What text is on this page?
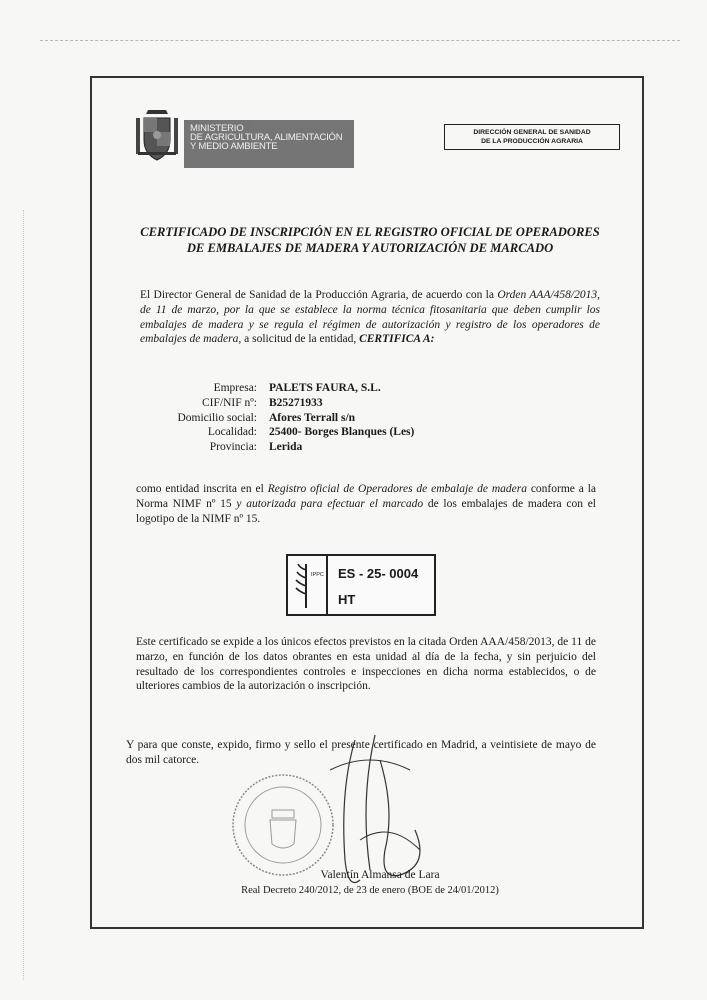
MINISTERIO
DE AGRICULTURA, ALIMENTACIÓN
Y MEDIO AMBIENTE
DIRECCIÓN GENERAL DE SANIDAD
DE LA PRODUCCIÓN AGRARIA
CERTIFICADO DE INSCRIPCIÓN EN EL REGISTRO OFICIAL DE OPERADORES
DE EMBALAJES DE MADERA Y AUTORIZACIÓN DE MARCADO
El Director General de Sanidad de la Producción Agraria, de acuerdo con la Orden AAA/458/2013, de 11 de marzo, por la que se establece la norma técnica fitosanitaria que deben cumplir los embalajes de madera y se regula el régimen de autorización y registro de los operadores de embalajes de madera, a solicitud de la entidad, CERTIFICA A:
Empresa:	PALETS FAURA, S.L.
CIF/NIF nº:	B25271933
Domicilio social:	Afores Terrall s/n
Localidad:	25400- Borges Blanques (Les)
Provincia:	Lerida
como entidad inscrita en el Registro oficial de Operadores de embalaje de madera conforme a la Norma NIMF nº 15 y autorizada para efectuar el marcado de los embalajes de madera con el logotipo de la NIMF nº 15.
IPPC ES - 25- 0004
HT
Este certificado se expide a los únicos efectos previstos en la citada Orden AAA/458/2013, de 11 de marzo, en función de los datos obrantes en esta unidad al día de la fecha, y sin perjuicio del resultado de los correspondientes controles e inspecciones en dicha norma establecidos, o de ulteriores cambios de la autorización o inscripción.
Y para que conste, expido, firmo y sello el presente certificado en Madrid, a veintisiete de mayo de dos mil catorce.
Valentín Almansa de Lara
Real Decreto 240/2012, de 23 de enero (BOE de 24/01/2012)
